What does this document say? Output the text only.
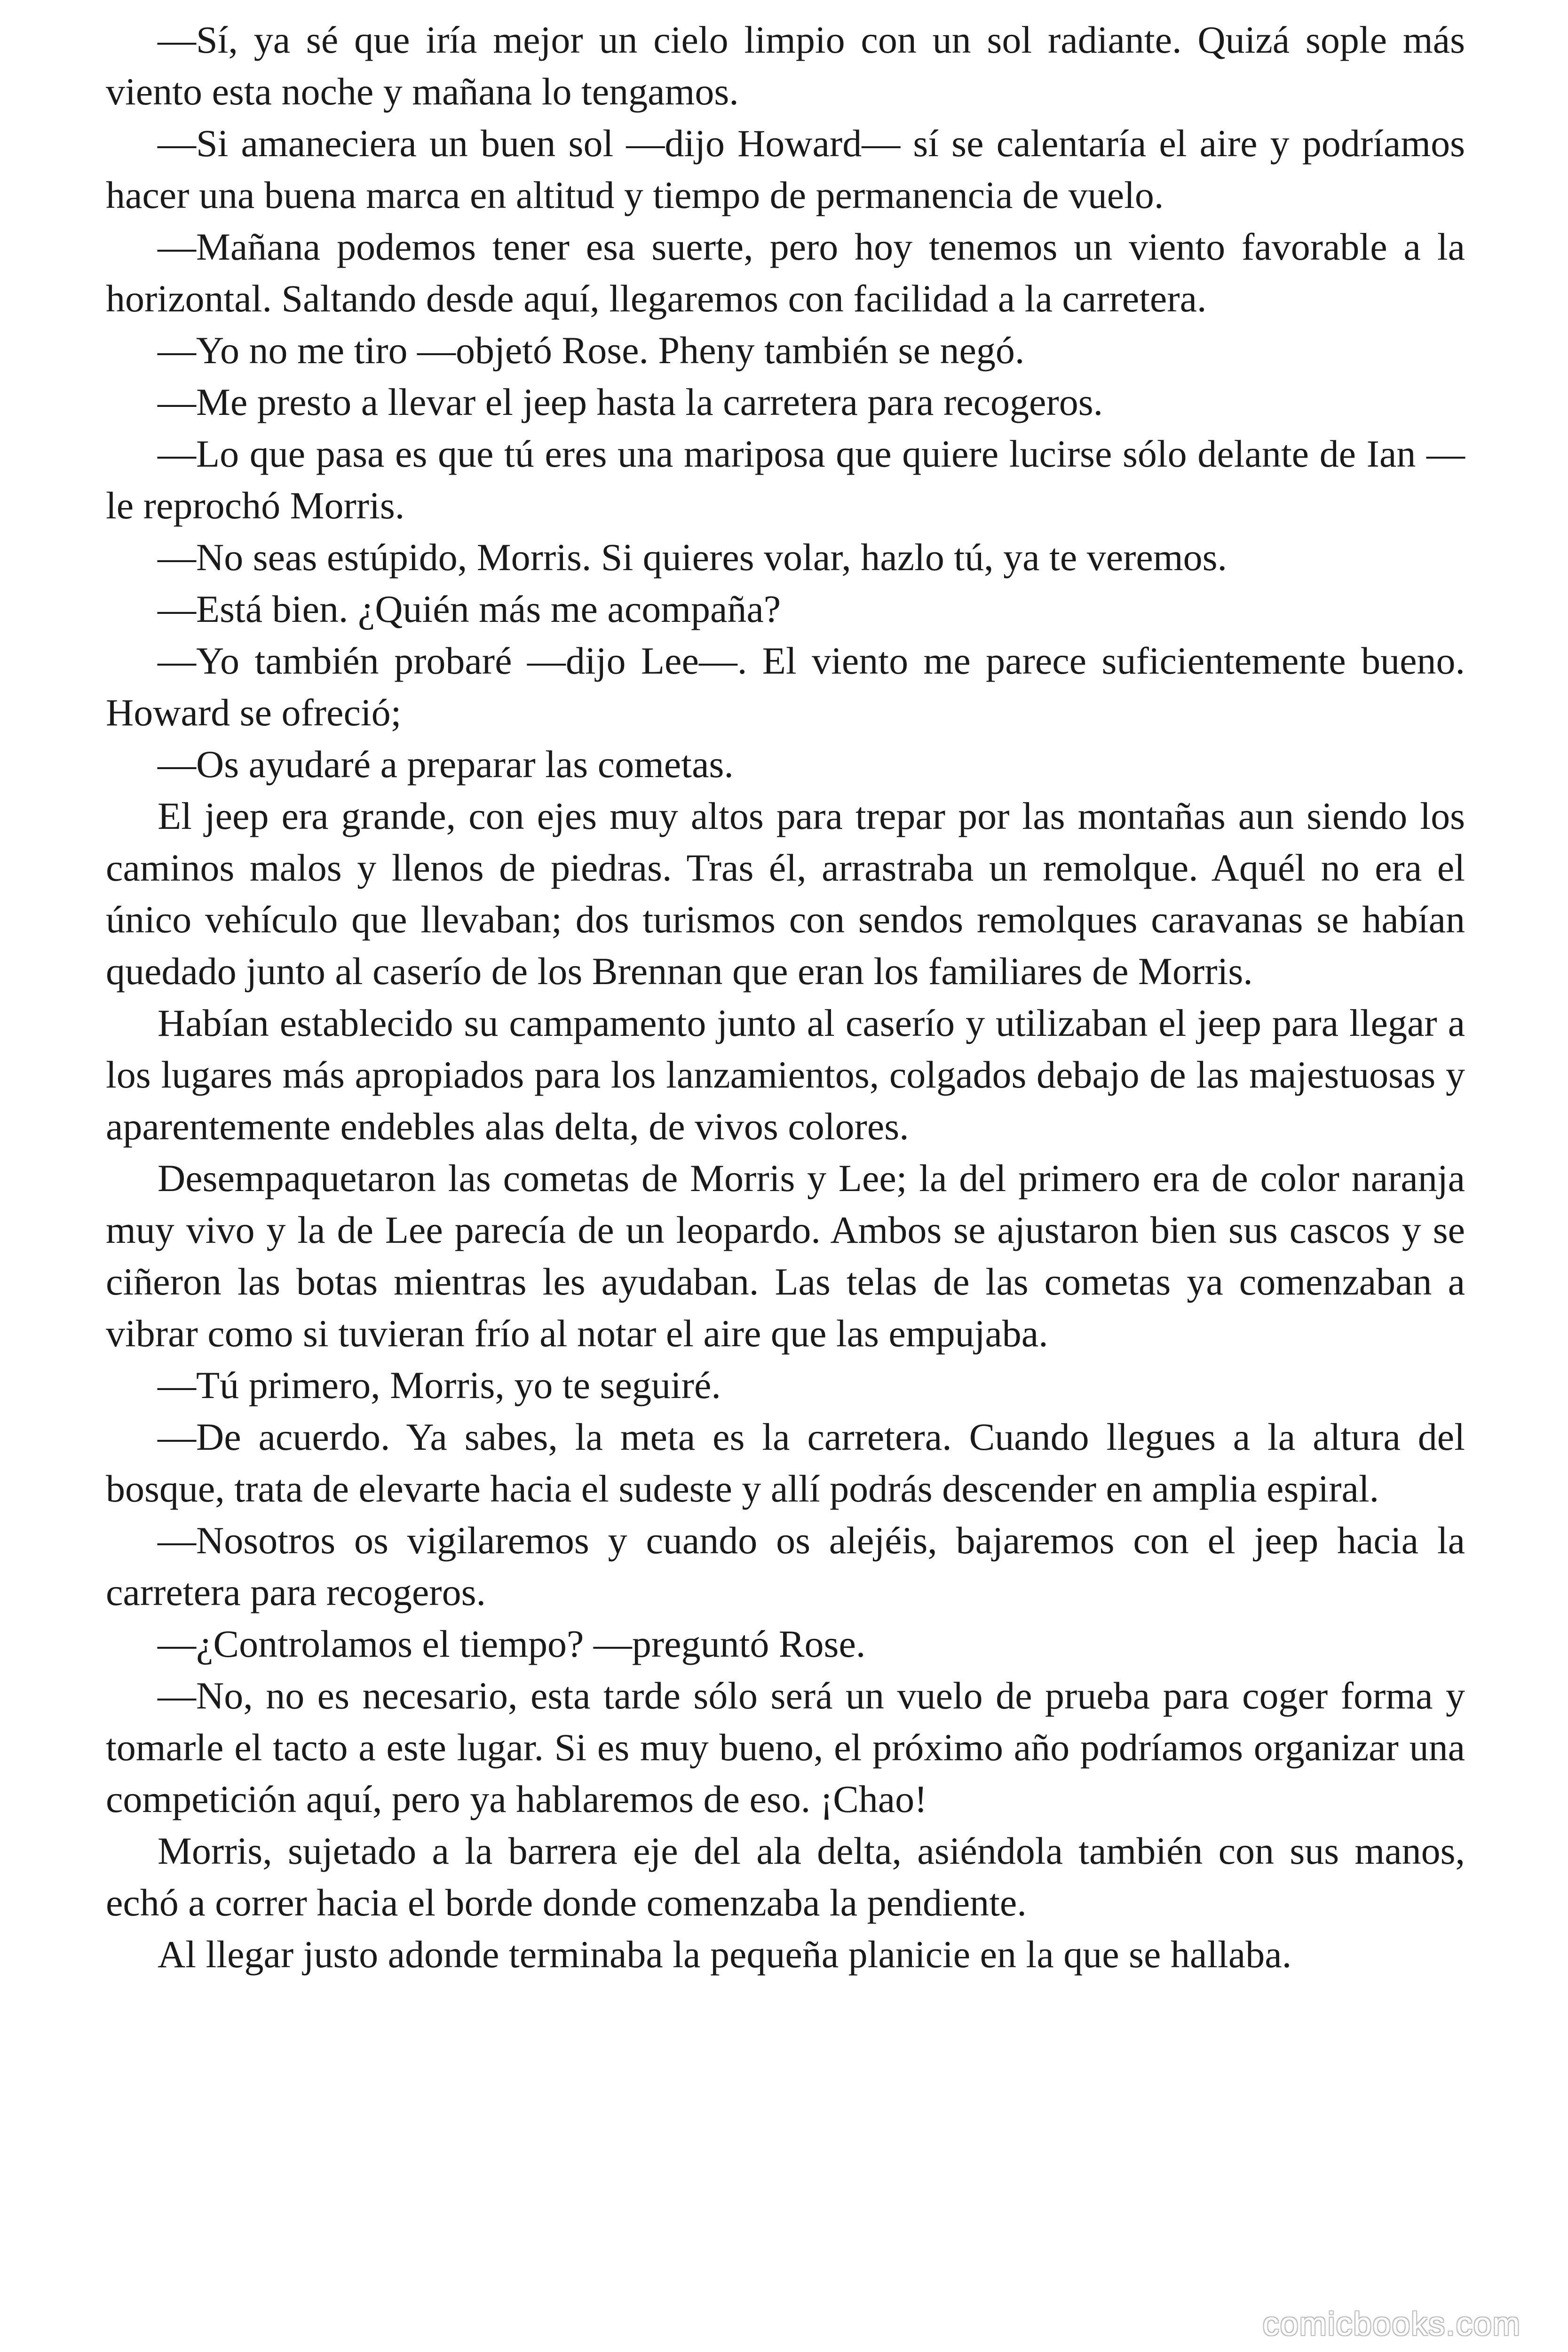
—Sí, ya sé que iría mejor un cielo limpio con un sol radiante. Quizá sople más viento esta noche y mañana lo tengamos.

—Si amaneciera un buen sol —dijo Howard— sí se calentaría el aire y podríamos hacer una buena marca en altitud y tiempo de permanencia de vuelo.

—Mañana podemos tener esa suerte, pero hoy tenemos un viento favorable a la horizontal. Saltando desde aquí, llegaremos con facilidad a la carretera.

—Yo no me tiro —objetó Rose. Pheny también se negó.

—Me presto a llevar el jeep hasta la carretera para recogeros.

—Lo que pasa es que tú eres una mariposa que quiere lucirse sólo delante de Ian —le reprochó Morris.

—No seas estúpido, Morris. Si quieres volar, hazlo tú, ya te veremos.

—Está bien. ¿Quién más me acompaña?

—Yo también probaré —dijo Lee—. El viento me parece suficientemente bueno. Howard se ofreció;

—Os ayudaré a preparar las cometas.

El jeep era grande, con ejes muy altos para trepar por las montañas aun siendo los caminos malos y llenos de piedras. Tras él, arrastraba un remolque. Aquél no era el único vehículo que llevaban; dos turismos con sendos remolques caravanas se habían quedado junto al caserío de los Brennan que eran los familiares de Morris.

Habían establecido su campamento junto al caserío y utilizaban el jeep para llegar a los lugares más apropiados para los lanzamientos, colgados debajo de las majestuosas y aparentemente endebles alas delta, de vivos colores.

Desempaquetaron las cometas de Morris y Lee; la del primero era de color naranja muy vivo y la de Lee parecía de un leopardo. Ambos se ajustaron bien sus cascos y se ciñeron las botas mientras les ayudaban. Las telas de las cometas ya comenzaban a vibrar como si tuvieran frío al notar el aire que las empujaba.

—Tú primero, Morris, yo te seguiré.

—De acuerdo. Ya sabes, la meta es la carretera. Cuando llegues a la altura del bosque, trata de elevarte hacia el sudeste y allí podrás descender en amplia espiral.

—Nosotros os vigilaremos y cuando os alejéis, bajaremos con el jeep hacia la carretera para recogeros.

—¿Controlamos el tiempo? —preguntó Rose.

—No, no es necesario, esta tarde sólo será un vuelo de prueba para coger forma y tomarle el tacto a este lugar. Si es muy bueno, el próximo año podríamos organizar una competición aquí, pero ya hablaremos de eso. ¡Chao!

Morris, sujetado a la barrera eje del ala delta, asiéndola también con sus manos, echó a correr hacia el borde donde comenzaba la pendiente.

Al llegar justo adonde terminaba la pequeña planicie en la que se hallaba.

comicbooks.com
